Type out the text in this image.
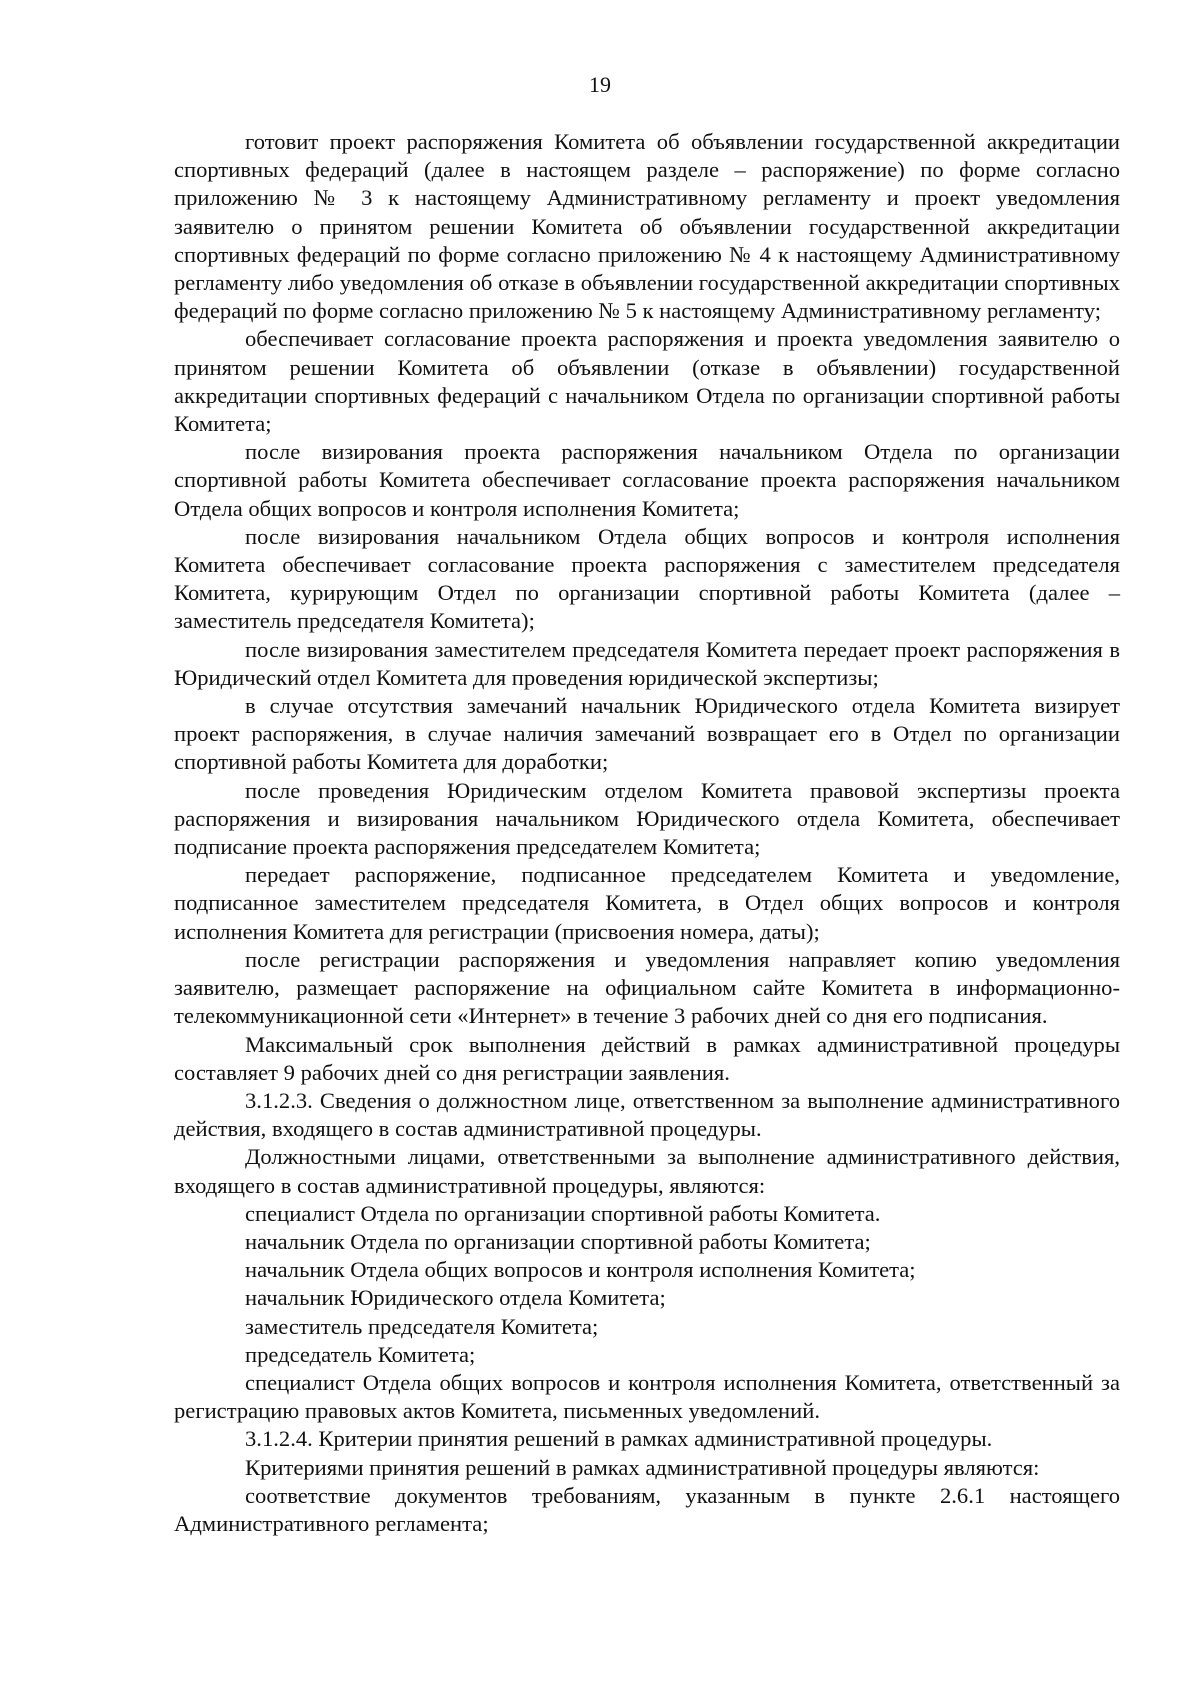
19

готовит проект распоряжения Комитета об объявлении государственной аккредитации спортивных федераций (далее в настоящем разделе – распоряжение) по форме согласно приложению № 3 к настоящему Административному регламенту и проект уведомления заявителю о принятом решении Комитета об объявлении государственной аккредитации спортивных федераций по форме согласно приложению № 4 к настоящему Административному регламенту либо уведомления об отказе в объявлении государственной аккредитации спортивных федераций по форме согласно приложению № 5 к настоящему Административному регламенту;

обеспечивает согласование проекта распоряжения и проекта уведомления заявителю о принятом решении Комитета об объявлении (отказе в объявлении) государственной аккредитации спортивных федераций с начальником Отдела по организации спортивной работы Комитета;

после визирования проекта распоряжения начальником Отдела по организации спортивной работы Комитета обеспечивает согласование проекта распоряжения начальником Отдела общих вопросов и контроля исполнения Комитета;

после визирования начальником Отдела общих вопросов и контроля исполнения Комитета обеспечивает согласование проекта распоряжения с заместителем председателя Комитета, курирующим Отдел по организации спортивной работы Комитета (далее – заместитель председателя Комитета);

после визирования заместителем председателя Комитета передает проект распоряжения в Юридический отдел Комитета для проведения юридической экспертизы;

в случае отсутствия замечаний начальник Юридического отдела Комитета визирует проект распоряжения, в случае наличия замечаний возвращает его в Отдел по организации спортивной работы Комитета для доработки;

после проведения Юридическим отделом Комитета правовой экспертизы проекта распоряжения и визирования начальником Юридического отдела Комитета, обеспечивает подписание проекта распоряжения председателем Комитета;

передает распоряжение, подписанное председателем Комитета и уведомление, подписанное заместителем председателя Комитета, в Отдел общих вопросов и контроля исполнения Комитета для регистрации (присвоения номера, даты);

после регистрации распоряжения и уведомления направляет копию уведомления заявителю, размещает распоряжение на официальном сайте Комитета в информационно-телекоммуникационной сети «Интернет» в течение 3 рабочих дней со дня его подписания.

Максимальный срок выполнения действий в рамках административной процедуры составляет 9 рабочих дней со дня регистрации заявления.

3.1.2.3. Сведения о должностном лице, ответственном за выполнение административного действия, входящего в состав административной процедуры.

Должностными лицами, ответственными за выполнение административного действия, входящего в состав административной процедуры, являются:

специалист Отдела по организации спортивной работы Комитета.

начальник Отдела по организации спортивной работы Комитета;

начальник Отдела общих вопросов и контроля исполнения Комитета;

начальник Юридического отдела Комитета;

заместитель председателя Комитета;

председатель Комитета;

специалист Отдела общих вопросов и контроля исполнения Комитета, ответственный за регистрацию правовых актов Комитета, письменных уведомлений.

3.1.2.4. Критерии принятия решений в рамках административной процедуры.

Критериями принятия решений в рамках административной процедуры являются:

соответствие документов требованиям, указанным в пункте 2.6.1 настоящего Административного регламента;
